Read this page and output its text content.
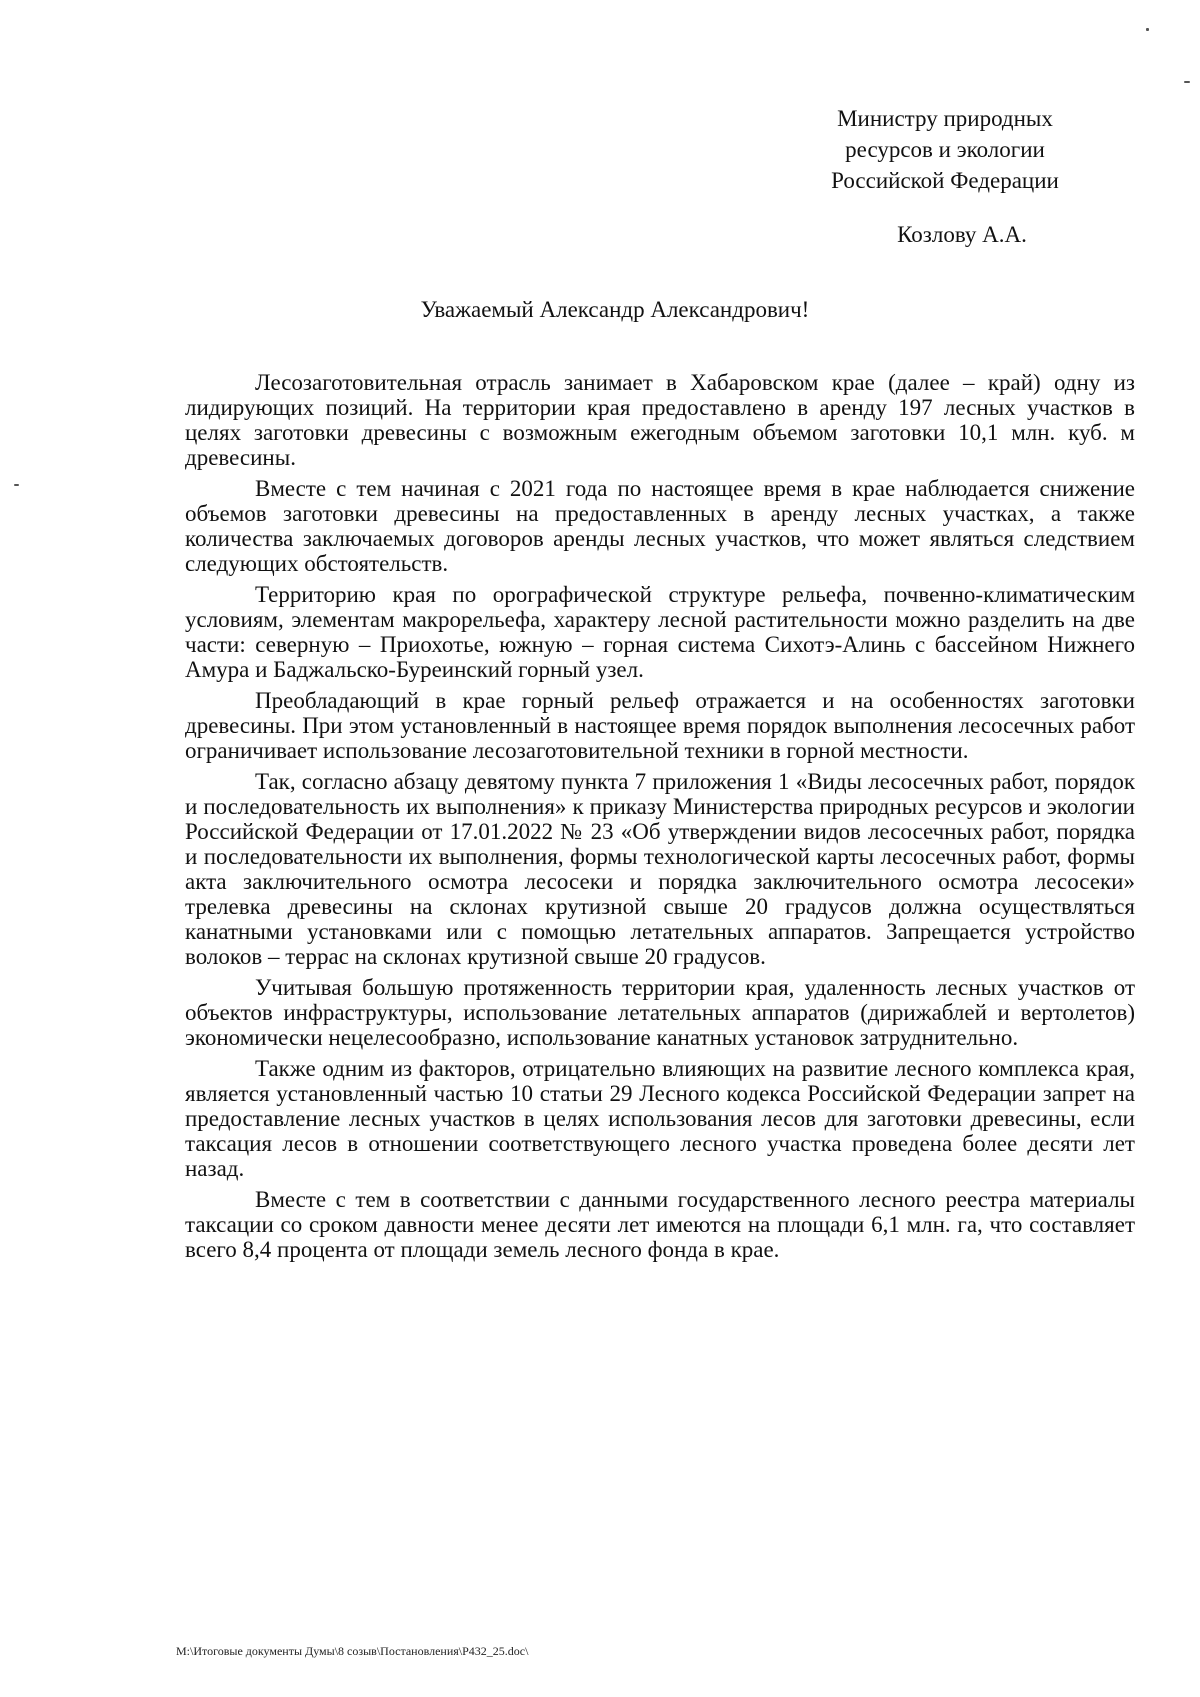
Министру природных
ресурсов и экологии
Российской Федерации
Козлову А.А.
Уважаемый Александр Александрович!

Лесозаготовительная отрасль занимает в Хабаровском крае (далее – край) одну из лидирующих позиций. На территории края предоставлено в аренду 197 лесных участков в целях заготовки древесины с возможным ежегодным объемом заготовки 10,1 млн. куб. м древесины.

Вместе с тем начиная с 2021 года по настоящее время в крае наблюдается снижение объемов заготовки древесины на предоставленных в аренду лесных участках, а также количества заключаемых договоров аренды лесных участков, что может являться следствием следующих обстоятельств.

Территорию края по орографической структуре рельефа, почвенно-климатическим условиям, элементам макрорельефа, характеру лесной растительности можно разделить на две части: северную – Приохотье, южную – горная система Сихотэ-Алинь с бассейном Нижнего Амура и Баджальско-Буреинский горный узел.

Преобладающий в крае горный рельеф отражается и на особенностях заготовки древесины. При этом установленный в настоящее время порядок выполнения лесосечных работ ограничивает использование лесозаготовительной техники в горной местности.

Так, согласно абзацу девятому пункта 7 приложения 1 «Виды лесосечных работ, порядок и последовательность их выполнения» к приказу Министерства природных ресурсов и экологии Российской Федерации от 17.01.2022 № 23 «Об утверждении видов лесосечных работ, порядка и последовательности их выполнения, формы технологической карты лесосечных работ, формы акта заключительного осмотра лесосеки и порядка заключительного осмотра лесосеки» трелевка древесины на склонах крутизной свыше 20 градусов должна осуществляться канатными установками или с помощью летательных аппаратов. Запрещается устройство волоков – террас на склонах крутизной свыше 20 градусов.

Учитывая большую протяженность территории края, удаленность лесных участков от объектов инфраструктуры, использование летательных аппаратов (дирижаблей и вертолетов) экономически нецелесообразно, использование канатных установок затруднительно.

Также одним из факторов, отрицательно влияющих на развитие лесного комплекса края, является установленный частью 10 статьи 29 Лесного кодекса Российской Федерации запрет на предоставление лесных участков в целях использования лесов для заготовки древесины, если таксация лесов в отношении соответствующего лесного участка проведена более десяти лет назад.

Вместе с тем в соответствии с данными государственного лесного реестра материалы таксации со сроком давности менее десяти лет имеются на площади 6,1 млн. га, что составляет всего 8,4 процента от площади земель лесного фонда в крае.

М:\Итоговые документы Думы\8 созыв\Постановления\Р432_25.doc\
